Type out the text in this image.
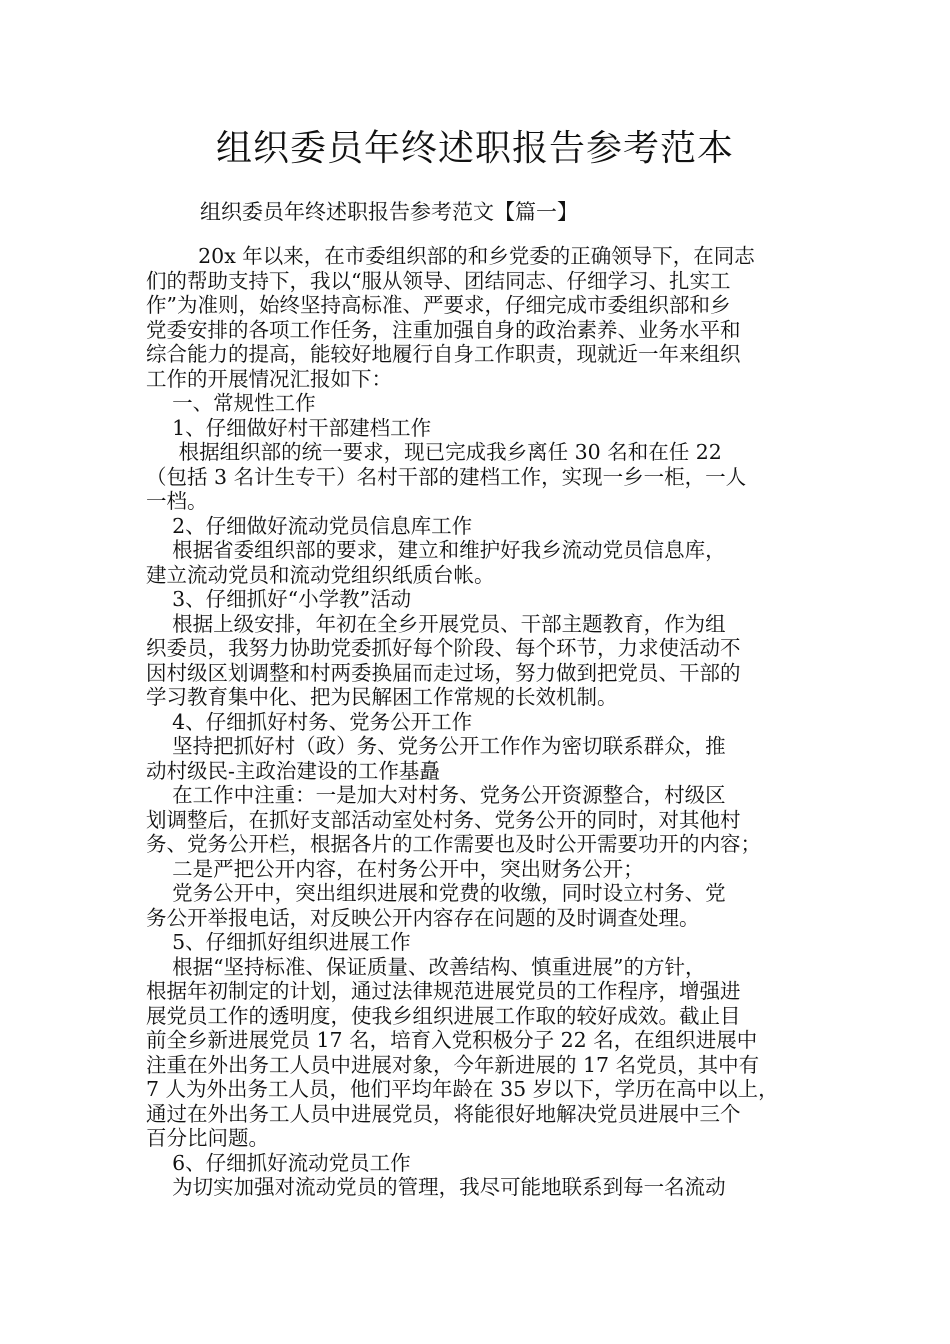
组织委员年终述职报告参考范本

组织委员年终述职报告参考范文【篇一】

20x 年以来，在市委组织部的和乡党委的正确领导下，在同志

们的帮助支持下，我以“服从领导、团结同志、仔细学习、扎实工

作”为准则，始终坚持高标准、严要求，仔细完成市委组织部和乡

党委安排的各项工作任务，注重加强自身的政治素养、业务水平和

综合能力的提高，能较好地履行自身工作职责，现就近一年来组织

工作的开展情况汇报如下：

一、常规性工作

1、仔细做好村干部建档工作

根据组织部的统一要求，现已完成我乡离任 30 名和在任 22

（包括 3 名计生专干）名村干部的建档工作，实现一乡一柜，一人

一档。

2、仔细做好流动党员信息库工作

根据省委组织部的要求，建立和维护好我乡流动党员信息库，

建立流动党员和流动党组织纸质台帐。

3、仔细抓好“小学教”活动

根据上级安排，年初在全乡开展党员、干部主题教育，作为组

织委员，我努力协助党委抓好每个阶段、每个环节，力求使活动不

因村级区划调整和村两委换届而走过场，努力做到把党员、干部的

学习教育集中化、把为民解困工作常规的长效机制。

4、仔细抓好村务、党务公开工作

坚持把抓好村（政）务、党务公开工作作为密切联系群众，推

动村级民-主政治建设的工作基矗

在工作中注重：一是加大对村务、党务公开资源整合，村级区

划调整后，在抓好支部活动室处村务、党务公开的同时，对其他村

务、党务公开栏，根据各片的工作需要也及时公开需要功开的内容；

二是严把公开内容，在村务公开中，突出财务公开；

党务公开中，突出组织进展和党费的收缴，同时设立村务、党

务公开举报电话，对反映公开内容存在问题的及时调查处理。

5、仔细抓好组织进展工作

根据“坚持标准、保证质量、改善结构、慎重进展”的方针，

根据年初制定的计划，通过法律规范进展党员的工作程序，增强进

展党员工作的透明度，使我乡组织进展工作取的较好成效。截止目

前全乡新进展党员 17 名，培育入党积极分子 22 名，在组织进展中

注重在外出务工人员中进展对象，今年新进展的 17 名党员，其中有

7 人为外出务工人员，他们平均年龄在 35 岁以下，学历在高中以上，

通过在外出务工人员中进展党员，将能很好地解决党员进展中三个

百分比问题。

6、仔细抓好流动党员工作

为切实加强对流动党员的管理，我尽可能地联系到每一名流动
